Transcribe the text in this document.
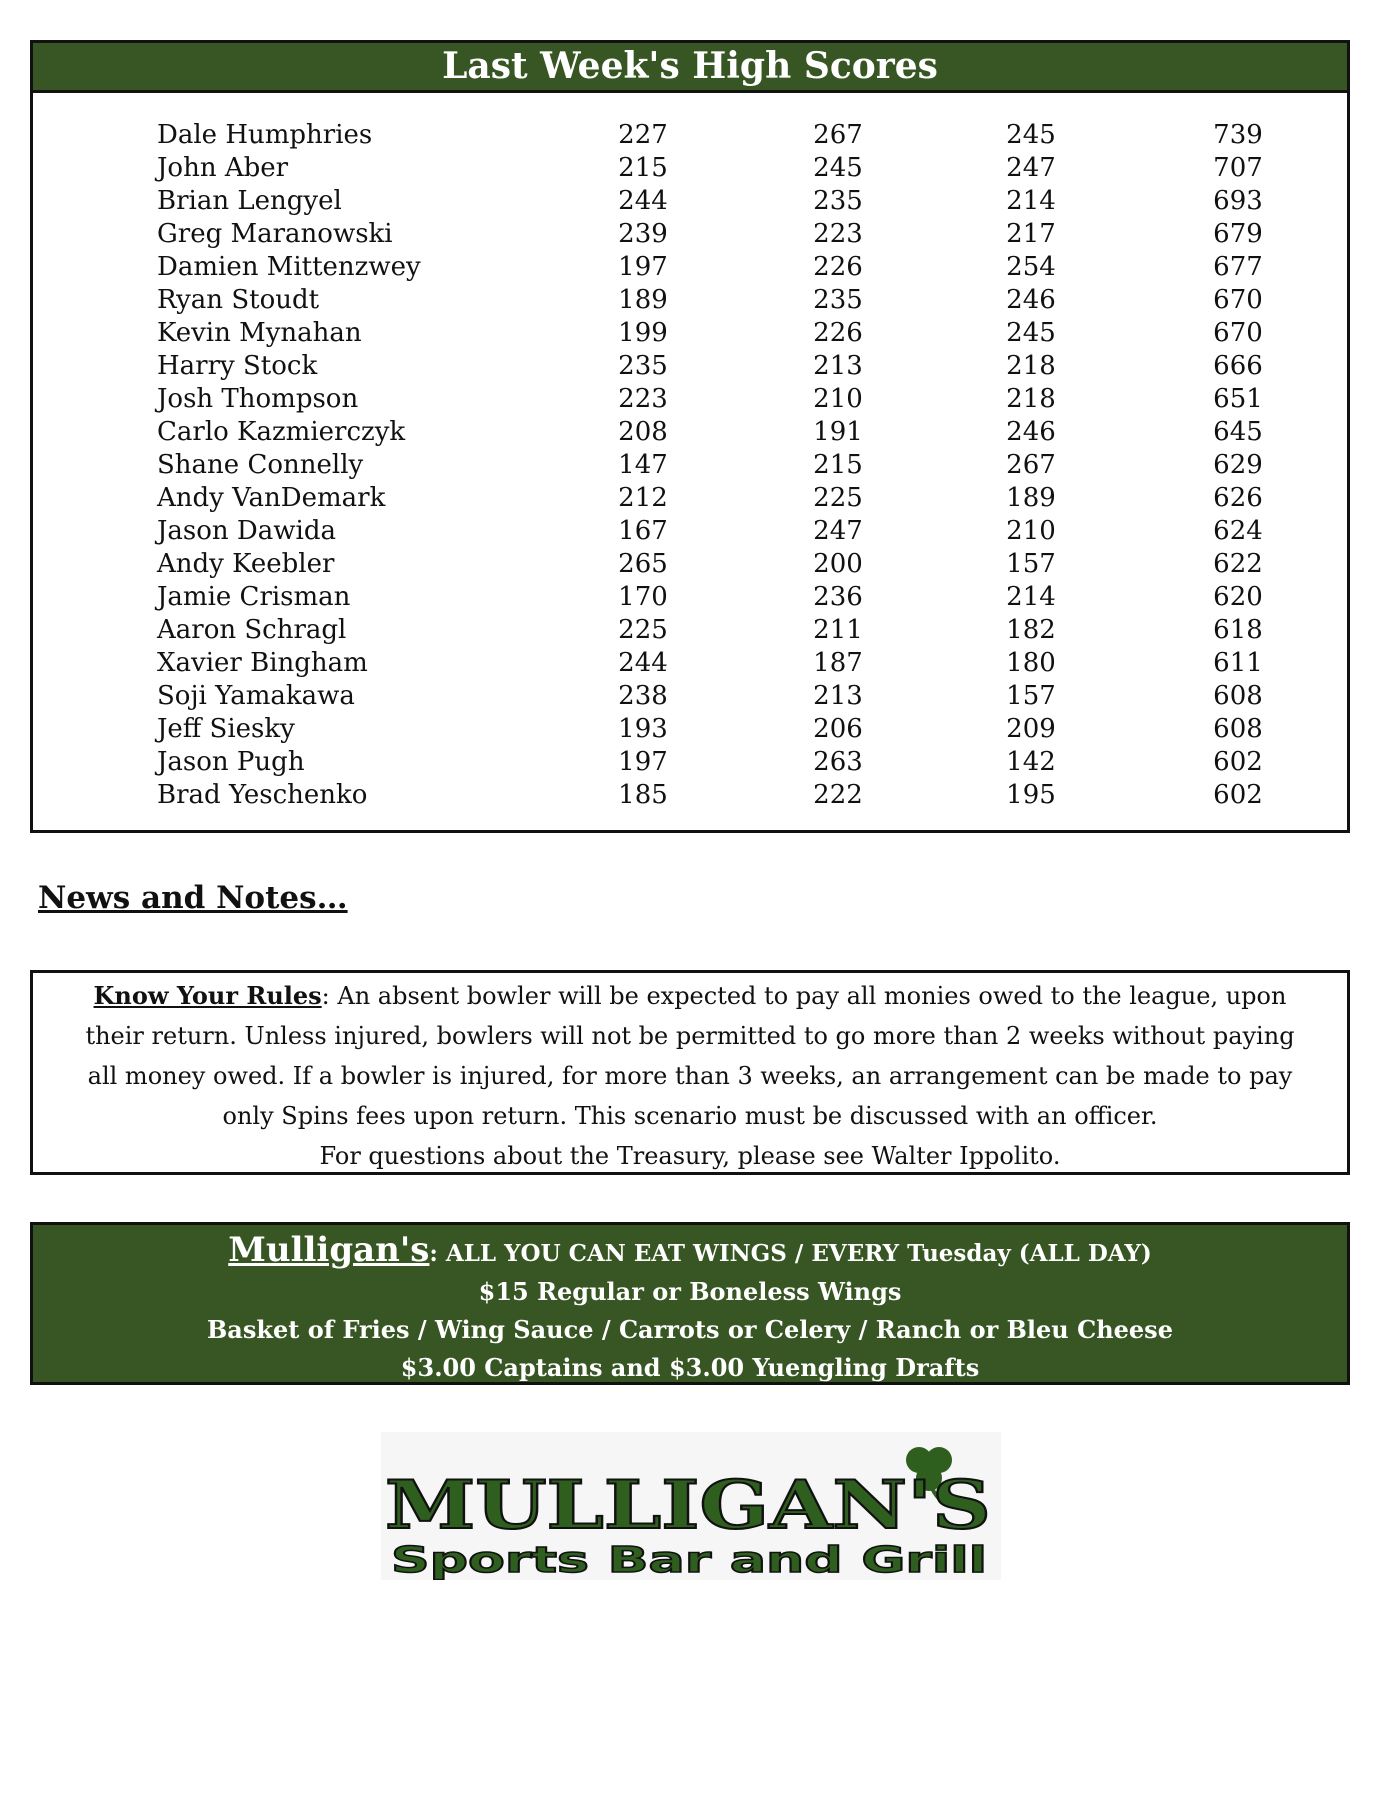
Last Week's High Scores
Dale Humphries	227	267	245	739
John Aber	215	245	247	707
Brian Lengyel	244	235	214	693
Greg Maranowski	239	223	217	679
Damien Mittenzwey	197	226	254	677
Ryan Stoudt	189	235	246	670
Kevin Mynahan	199	226	245	670
Harry Stock	235	213	218	666
Josh Thompson	223	210	218	651
Carlo Kazmierczyk	208	191	246	645
Shane Connelly	147	215	267	629
Andy VanDemark	212	225	189	626
Jason Dawida	167	247	210	624
Andy Keebler	265	200	157	622
Jamie Crisman	170	236	214	620
Aaron Schragl	225	211	182	618
Xavier Bingham	244	187	180	611
Soji Yamakawa	238	213	157	608
Jeff Siesky	193	206	209	608
Jason Pugh	197	263	142	602
Brad Yeschenko	185	222	195	602
News and Notes…
Know Your Rules: An absent bowler will be expected to pay all monies owed to the league, upon their return. Unless injured, bowlers will not be permitted to go more than 2 weeks without paying all money owed. If a bowler is injured, for more than 3 weeks, an arrangement can be made to pay only Spins fees upon return. This scenario must be discussed with an officer.
For questions about the Treasury, please see Walter Ippolito.
Mulligan's: ALL YOU CAN EAT WINGS / EVERY Tuesday (ALL DAY)
$15 Regular or Boneless Wings
Basket of Fries / Wing Sauce / Carrots or Celery / Ranch or Bleu Cheese
$3.00 Captains and $3.00 Yuengling Drafts
MULLIGAN'S
Sports Bar and Grill
